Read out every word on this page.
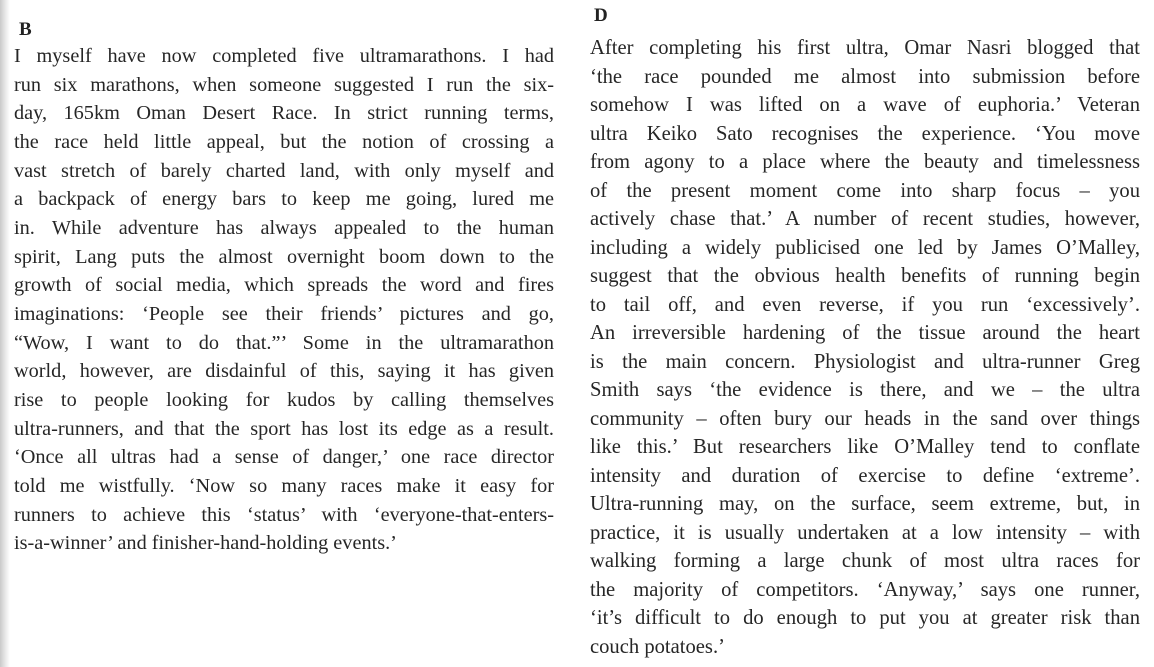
B
I myself have now completed five ultramarathons. I had
run six marathons, when someone suggested I run the six-
day, 165km Oman Desert Race. In strict running terms,
the race held little appeal, but the notion of crossing a
vast stretch of barely charted land, with only myself and
a backpack of energy bars to keep me going, lured me
in. While adventure has always appealed to the human
spirit, Lang puts the almost overnight boom down to the
growth of social media, which spreads the word and fires
imaginations: ‘People see their friends’ pictures and go,
“Wow, I want to do that.”’ Some in the ultramarathon
world, however, are disdainful of this, saying it has given
rise to people looking for kudos by calling themselves
ultra-runners, and that the sport has lost its edge as a result.
‘Once all ultras had a sense of danger,’ one race director
told me wistfully. ‘Now so many races make it easy for
runners to achieve this ‘status’ with ‘everyone-that-enters-
is-a-winner’ and finisher-hand-holding events.’
D
After completing his first ultra, Omar Nasri blogged that
‘the race pounded me almost into submission before
somehow I was lifted on a wave of euphoria.’ Veteran
ultra Keiko Sato recognises the experience. ‘You move
from agony to a place where the beauty and timelessness
of the present moment come into sharp focus – you
actively chase that.’ A number of recent studies, however,
including a widely publicised one led by James O’Malley,
suggest that the obvious health benefits of running begin
to tail off, and even reverse, if you run ‘excessively’.
An irreversible hardening of the tissue around the heart
is the main concern. Physiologist and ultra-runner Greg
Smith says ‘the evidence is there, and we – the ultra
community – often bury our heads in the sand over things
like this.’ But researchers like O’Malley tend to conflate
intensity and duration of exercise to define ‘extreme’.
Ultra-running may, on the surface, seem extreme, but, in
practice, it is usually undertaken at a low intensity – with
walking forming a large chunk of most ultra races for
the majority of competitors. ‘Anyway,’ says one runner,
‘it’s difficult to do enough to put you at greater risk than
couch potatoes.’
